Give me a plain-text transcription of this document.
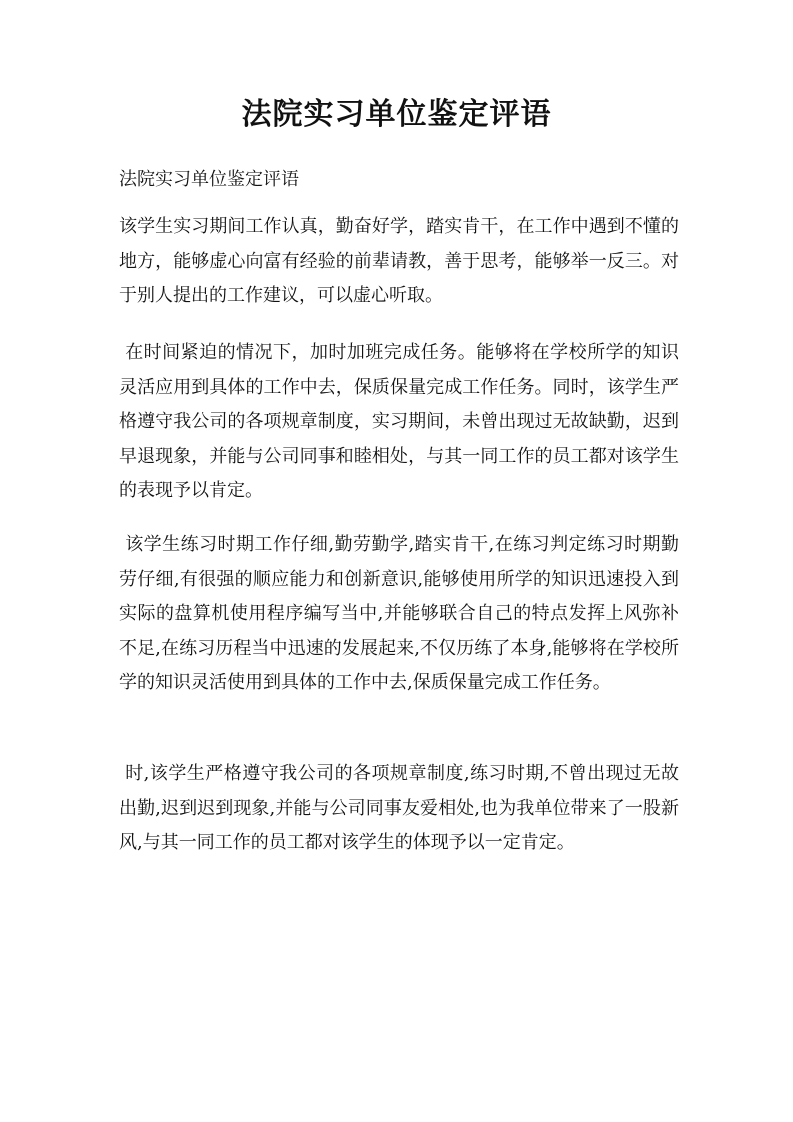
法院实习单位鉴定评语

法院实习单位鉴定评语

该学生实习期间工作认真，勤奋好学，踏实肯干，在工作中遇到不懂的地方，能够虚心向富有经验的前辈请教，善于思考，能够举一反三。对于别人提出的工作建议，可以虚心听取。

在时间紧迫的情况下，加时加班完成任务。能够将在学校所学的知识灵活应用到具体的工作中去，保质保量完成工作任务。同时，该学生严格遵守我公司的各项规章制度，实习期间，未曾出现过无故缺勤，迟到早退现象，并能与公司同事和睦相处，与其一同工作的员工都对该学生的表现予以肯定。

该学生练习时期工作仔细,勤劳勤学,踏实肯干,在练习判定练习时期勤劳仔细,有很强的顺应能力和创新意识,能够使用所学的知识迅速投入到实际的盘算机使用程序编写当中,并能够联合自己的特点发挥上风弥补不足,在练习历程当中迅速的发展起来,不仅历练了本身,能够将在学校所学的知识灵活使用到具体的工作中去,保质保量完成工作任务。

时,该学生严格遵守我公司的各项规章制度,练习时期,不曾出现过无故出勤,迟到迟到现象,并能与公司同事友爱相处,也为我单位带来了一股新风,与其一同工作的员工都对该学生的体现予以一定肯定。
